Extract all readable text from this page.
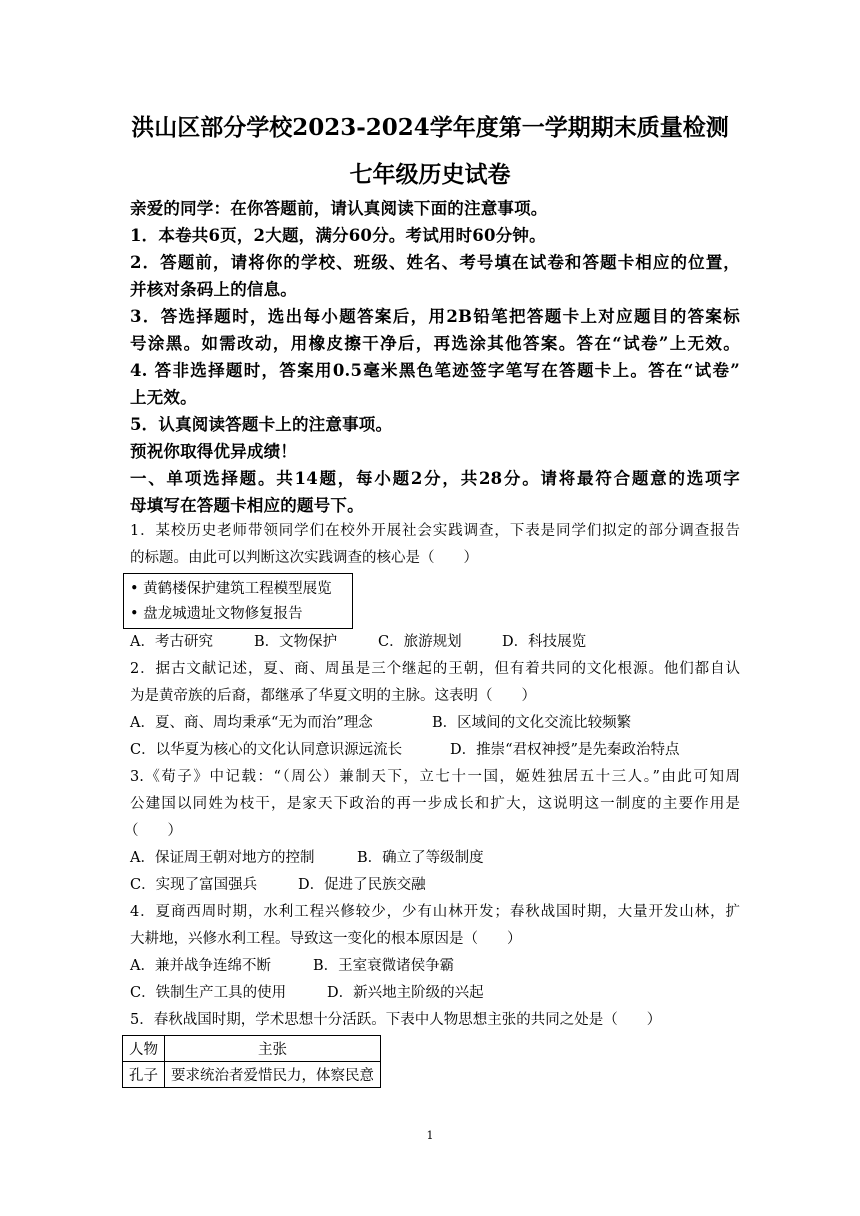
洪山区部分学校2023-2024学年度第一学期期末质量检测
七年级历史试卷
亲爱的同学：在你答题前，请认真阅读下面的注意事项。
1．本卷共6页，2大题，满分60分。考试用时60分钟。
2．答题前，请将你的学校、班级、姓名、考号填在试卷和答题卡相应的位置，
并核对条码上的信息。
3．答选择题时，选出每小题答案后，用2B铅笔把答题卡上对应题目的答案标
号涂黑。如需改动，用橡皮擦干净后，再选涂其他答案。答在“试卷”上无效。
4. 答非选择题时，答案用0.5毫米黑色笔迹签字笔写在答题卡上。答在“试卷”
上无效。
5．认真阅读答题卡上的注意事项。
预祝你取得优异成绩！
一、单项选择题。共14题，每小题2分，共28分。请将最符合题意的选项字
母填写在答题卡相应的题号下。
1．某校历史老师带领同学们在校外开展社会实践调查，下表是同学们拟定的部分调查报告
的标题。由此可以判断这次实践调查的核心是（　　）
• 黄鹤楼保护建筑工程模型展览
• 盘龙城遗址文物修复报告
A．考古研究	B．文物保护	C．旅游规划	D．科技展览
2．据古文献记述，夏、商、周虽是三个继起的王朝，但有着共同的文化根源。他们都自认
为是黄帝族的后裔，都继承了华夏文明的主脉。这表明（　　）
A．夏、商、周均秉承“无为而治”理念	B．区域间的文化交流比较频繁
C．以华夏为核心的文化认同意识源远流长	D．推崇“君权神授”是先秦政治特点
3.《荀子》中记载：“（周公）兼制天下，立七十一国，姬姓独居五十三人。”由此可知周
公建国以同姓为枝干，是家天下政治的再一步成长和扩大，这说明这一制度的主要作用是
（　　）
A．保证周王朝对地方的控制	B．确立了等级制度
C．实现了富国强兵	D．促进了民族交融
4．夏商西周时期，水利工程兴修较少，少有山林开发；春秋战国时期，大量开发山林，扩
大耕地，兴修水利工程。导致这一变化的根本原因是（　　）
A．兼并战争连绵不断	B．王室衰微诸侯争霸
C．铁制生产工具的使用	D．新兴地主阶级的兴起
5．春秋战国时期，学术思想十分活跃。下表中人物思想主张的共同之处是（　　）
人物	主张
孔子	要求统治者爱惜民力，体察民意
1
